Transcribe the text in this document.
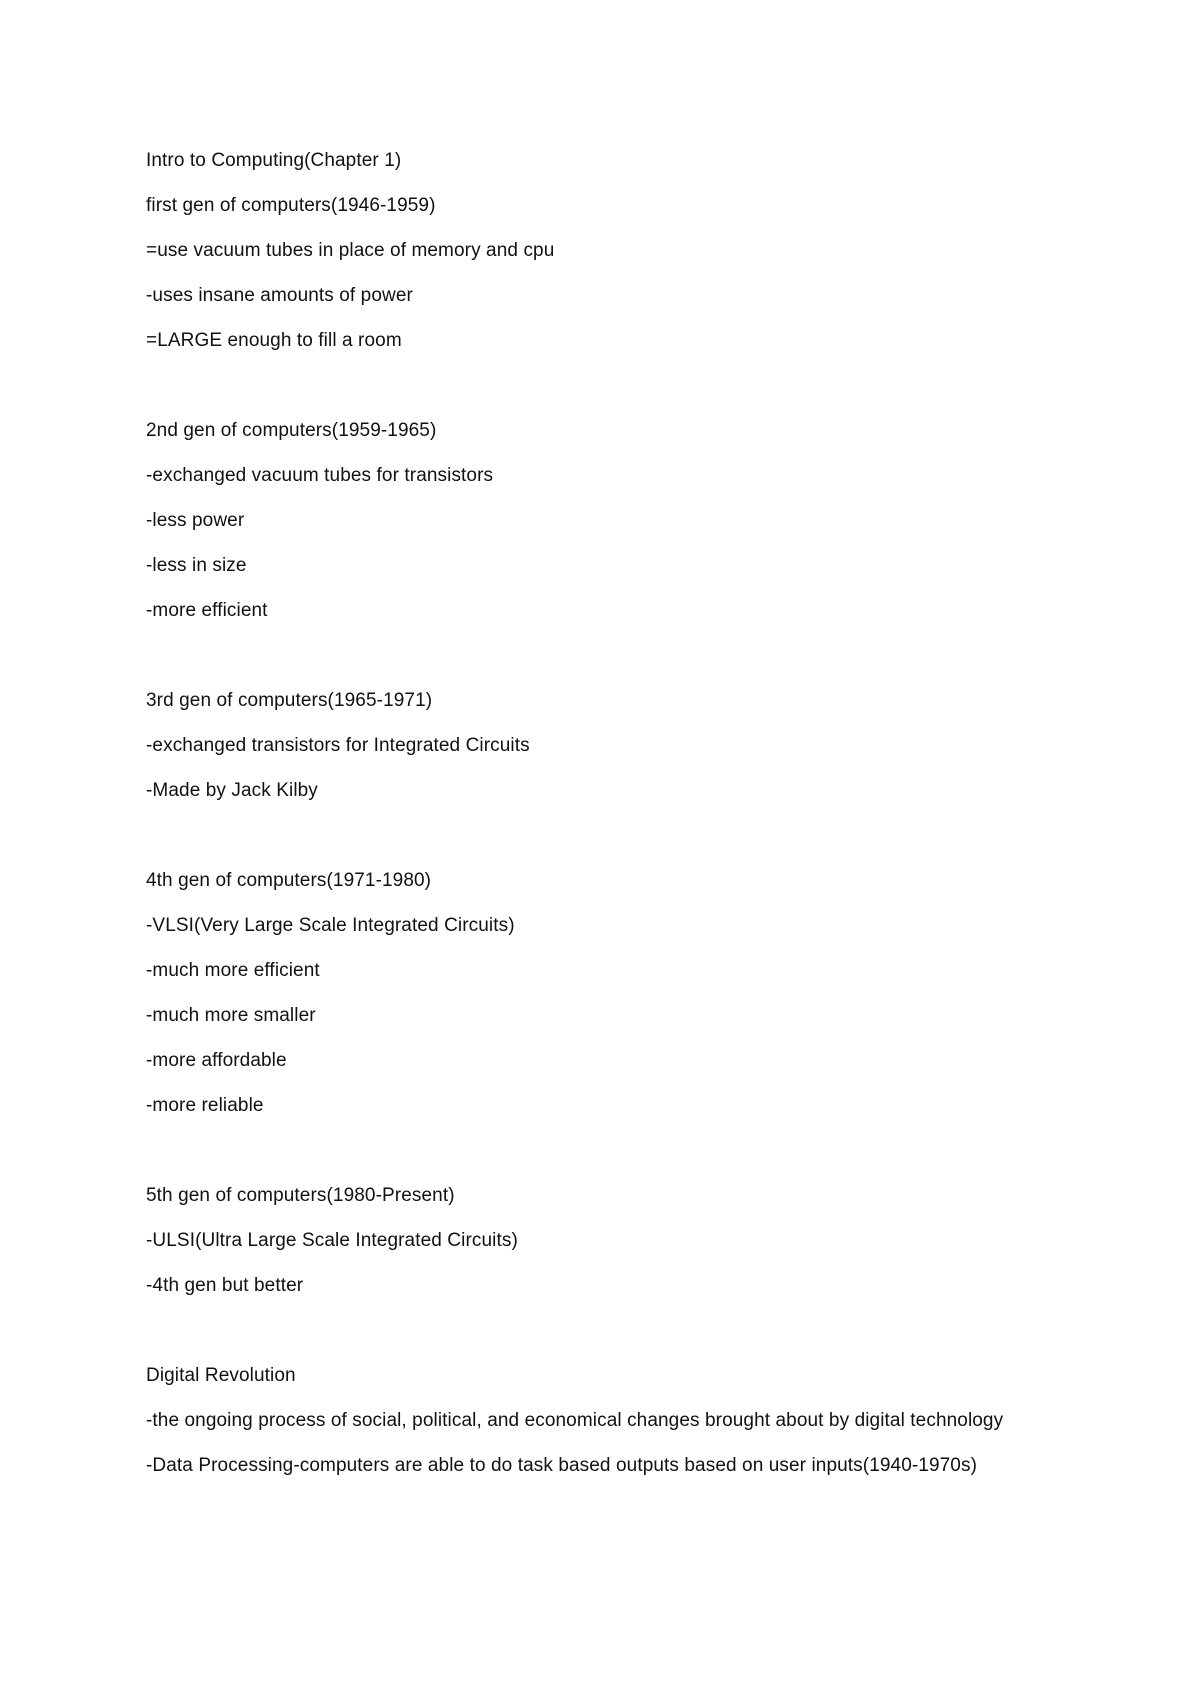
Intro to Computing(Chapter 1)
first gen of computers(1946-1959)
=use vacuum tubes in place of memory and cpu
-uses insane amounts of power
=LARGE enough to fill a room
2nd gen of computers(1959-1965)
-exchanged vacuum tubes for transistors
-less power
-less in size
-more efficient
3rd gen of computers(1965-1971)
-exchanged transistors for Integrated Circuits
-Made by Jack Kilby
4th gen of computers(1971-1980)
-VLSI(Very Large Scale Integrated Circuits)
-much more efficient
-much more smaller
-more affordable
-more reliable
5th gen of computers(1980-Present)
-ULSI(Ultra Large Scale Integrated Circuits)
-4th gen but better
Digital Revolution
-the ongoing process of social, political, and economical changes brought about by digital technology
-Data Processing-computers are able to do task based outputs based on user inputs(1940-1970s)
